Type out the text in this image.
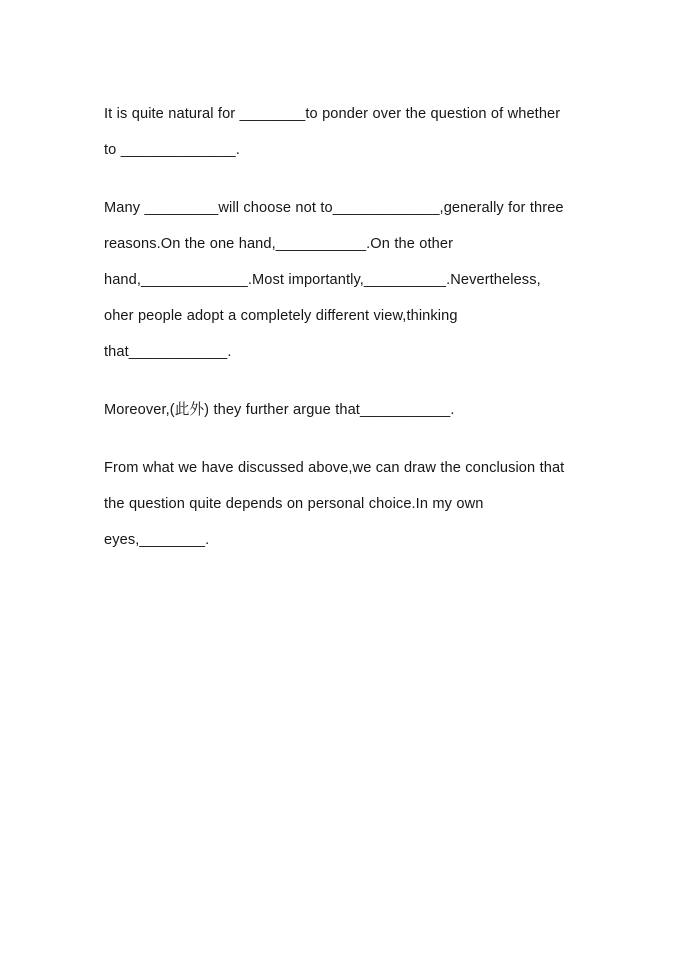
It is quite natural for ________to ponder over the question of whether to ______________.

Many _________will choose not to_____________,generally for three reasons.On the one hand,___________.On the other hand,_____________.Most importantly,__________.Nevertheless, oher people adopt a completely different view,thinking that____________.

Moreover,(此外) they further argue that___________.

From what we have discussed above,we can draw the conclusion that the question quite depends on personal choice.In my own eyes,________.
